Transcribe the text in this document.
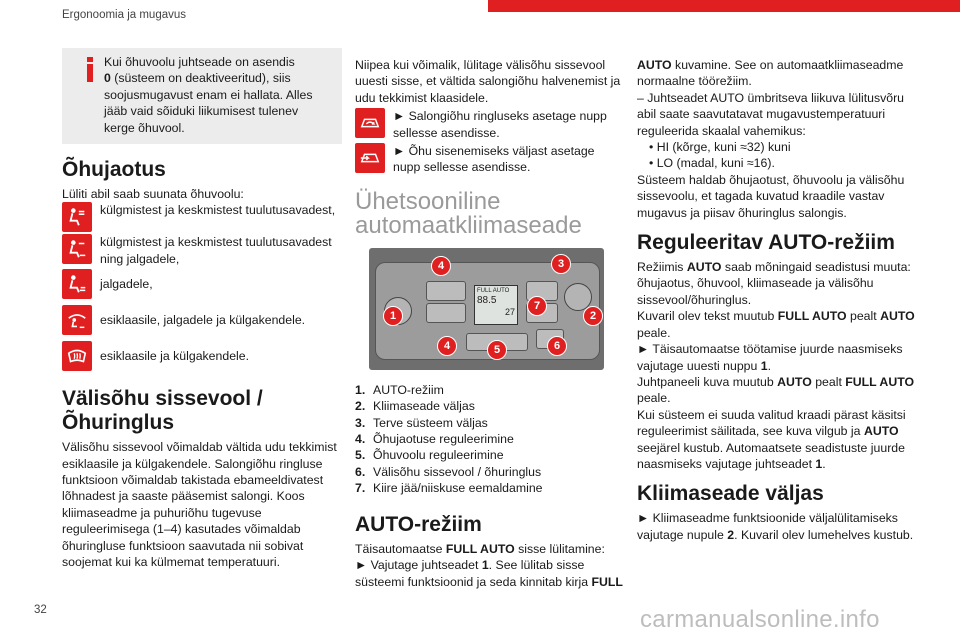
Ergonoomia ja mugavus

Kui õhuvoolu juhtseade on asendis
0 (süsteem on deaktiveeritud), siis soojusmugavust enam ei hallata. Alles jääb vaid sõiduki liikumisest tulenev kerge õhuvool.

Õhujaotus

Lüliti abil saab suunata õhuvoolu:

külgmistest ja keskmistest tuulutusavadest,
külgmistest ja keskmistest tuulutusavadest ning jalgadele,
jalgadele,
esiklaasile, jalgadele ja külgakendele.
esiklaasile ja külgakendele.
Välisõhu sissevool / Õhuringlus

Välisõhu sissevool võimaldab vältida udu tekkimist esiklaasile ja külgakendele. Salongiõhu ringluse funktsioon võimaldab takistada ebameeldivatest lõhnadest ja saaste pääsemist salongi. Koos kliimaseadme ja puhuriõhu tugevuse reguleerimisega (1–4) kasutades võimaldab õhuringluse funktsioon saavutada nii sobivat soojemat kui ka külmemat temperatuuri.

Niipea kui võimalik, lülitage välisõhu sissevool uuesti sisse, et vältida salongiõhu halvenemist ja udu tekkimist klaasidele.

► Salongiõhu ringluseks asetage nupp sellesse asendisse.
► Õhu sisenemiseks väljast asetage nupp sellesse asendisse.
Ühetsooniline automaatkliimaseade
FULL AUTO
88.5
27
4	3
1
7
2
4	5	6
1. AUTO-režiim
2. Kliimaseade väljas
3. Terve süsteem väljas
4. Õhujaotuse reguleerimine
5. Õhuvoolu reguleerimine
6. Välisõhu sissevool / õhuringlus
7. Kiire jää/niiskuse eemaldamine
AUTO-režiim

Täisautomaatse FULL AUTO sisse lülitamine:

► Vajutage juhtseadet 1. See lülitab sisse süsteemi funktsioonid ja seda kinnitab kirja FULL

AUTO kuvamine. See on automaatkliimaseadme normaalne töörežiim.

– Juhtseadet AUTO ümbritseva liikuva lülitusvõru abil saate saavutatavat mugavustemperatuuri reguleerida skaalal vahemikus:

• HI (kõrge, kuni ≈32) kuni

• LO (madal, kuni ≈16).

Süsteem haldab õhujaotust, õhuvoolu ja välisõhu sissevoolu, et tagada kuvatud kraadile vastav mugavus ja piisav õhuringlus salongis.

Reguleeritav AUTO-režiim

Režiimis AUTO saab mõningaid seadistusi muuta: õhujaotus, õhuvool, kliimaseade ja välisõhu sissevool/õhuringlus.

Kuvaril olev tekst muutub FULL AUTO pealt AUTO peale.

► Täisautomaatse töötamise juurde naasmiseks vajutage uuesti nuppu 1.

Juhtpaneeli kuva muutub AUTO pealt FULL AUTO peale.

Kui süsteem ei suuda valitud kraadi pärast käsitsi reguleerimist säilitada, see kuva vilgub ja AUTO seejärel kustub. Automaatsete seadistuste juurde naasmiseks vajutage juhtseadet 1.

Kliimaseade väljas

► Kliimaseadme funktsioonide väljalülitamiseks vajutage nupule 2. Kuvaril olev lumehelves kustub.

32	carmanualsonline.info
